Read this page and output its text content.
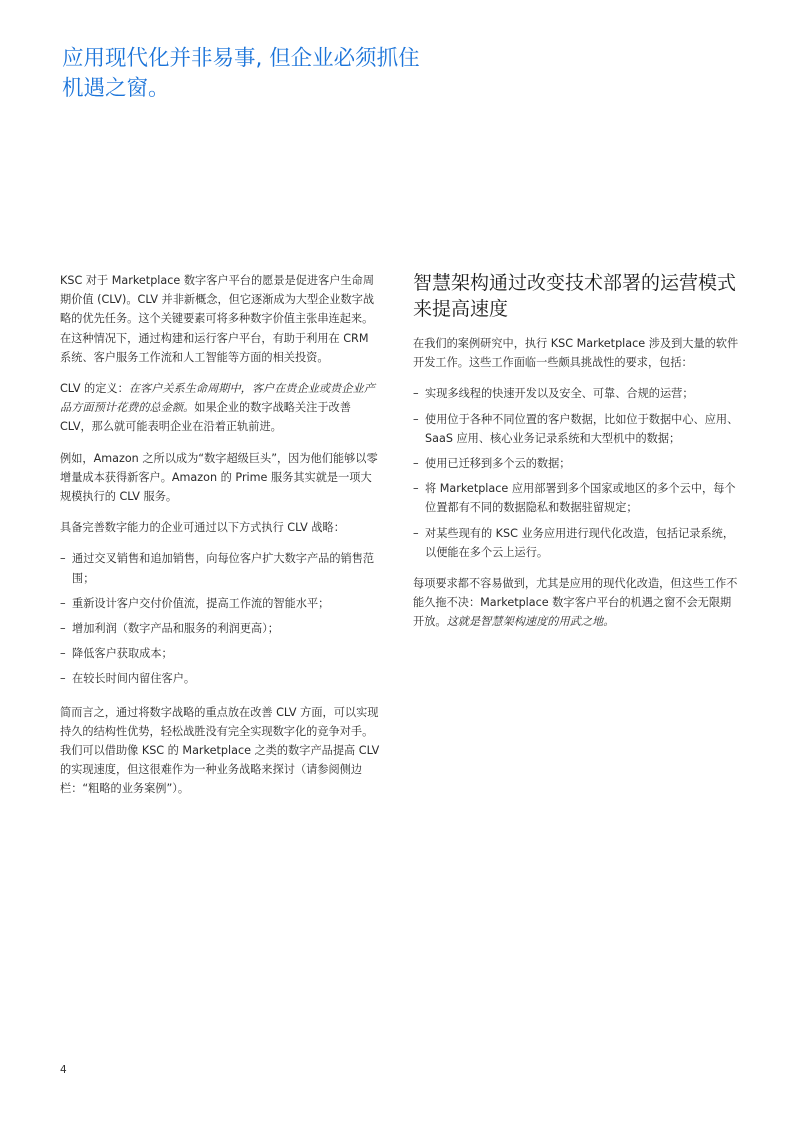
应用现代化并非易事, 但企业必须抓住机遇之窗。

KSC 对于 Marketplace 数字客户平台的愿景是促进客户生命周期价值 (CLV)。CLV 并非新概念，但它逐渐成为大型企业数字战略的优先任务。这个关键要素可将多种数字价值主张串连起来。在这种情况下，通过构建和运行客户平台，有助于利用在 CRM 系统、客户服务工作流和人工智能等方面的相关投资。

CLV 的定义：在客户关系生命周期中，客户在贵企业或贵企业产品方面预计花费的总金额。如果企业的数字战略关注于改善 CLV，那么就可能表明企业在沿着正轨前进。

例如，Amazon 之所以成为“数字超级巨头”，因为他们能够以零增量成本获得新客户。Amazon 的 Prime 服务其实就是一项大规模执行的 CLV 服务。

具备完善数字能力的企业可通过以下方式执行 CLV 战略：

– 通过交叉销售和追加销售，向每位客户扩大数字产品的销售范围；
– 重新设计客户交付价值流，提高工作流的智能水平；
– 增加利润（数字产品和服务的利润更高）；
– 降低客户获取成本；
– 在较长时间内留住客户。

简而言之，通过将数字战略的重点放在改善 CLV 方面，可以实现持久的结构性优势，轻松战胜没有完全实现数字化的竞争对手。我们可以借助像 KSC 的 Marketplace 之类的数字产品提高 CLV 的实现速度，但这很难作为一种业务战略来探讨（请参阅侧边栏：“粗略的业务案例”）。

智慧架构通过改变技术部署的运营模式来提高速度

在我们的案例研究中，执行 KSC Marketplace 涉及到大量的软件开发工作。这些工作面临一些颇具挑战性的要求，包括：

– 实现多线程的快速开发以及安全、可靠、合规的运营；
– 使用位于各种不同位置的客户数据，比如位于数据中心、应用、SaaS 应用、核心业务记录系统和大型机中的数据；
– 使用已迁移到多个云的数据；
– 将 Marketplace 应用部署到多个国家或地区的多个云中，每个位置都有不同的数据隐私和数据驻留规定；
– 对某些现有的 KSC 业务应用进行现代化改造，包括记录系统，以便能在多个云上运行。

每项要求都不容易做到，尤其是应用的现代化改造，但这些工作不能久拖不决：Marketplace 数字客户平台的机遇之窗不会无限期开放。这就是智慧架构速度的用武之地。

4
